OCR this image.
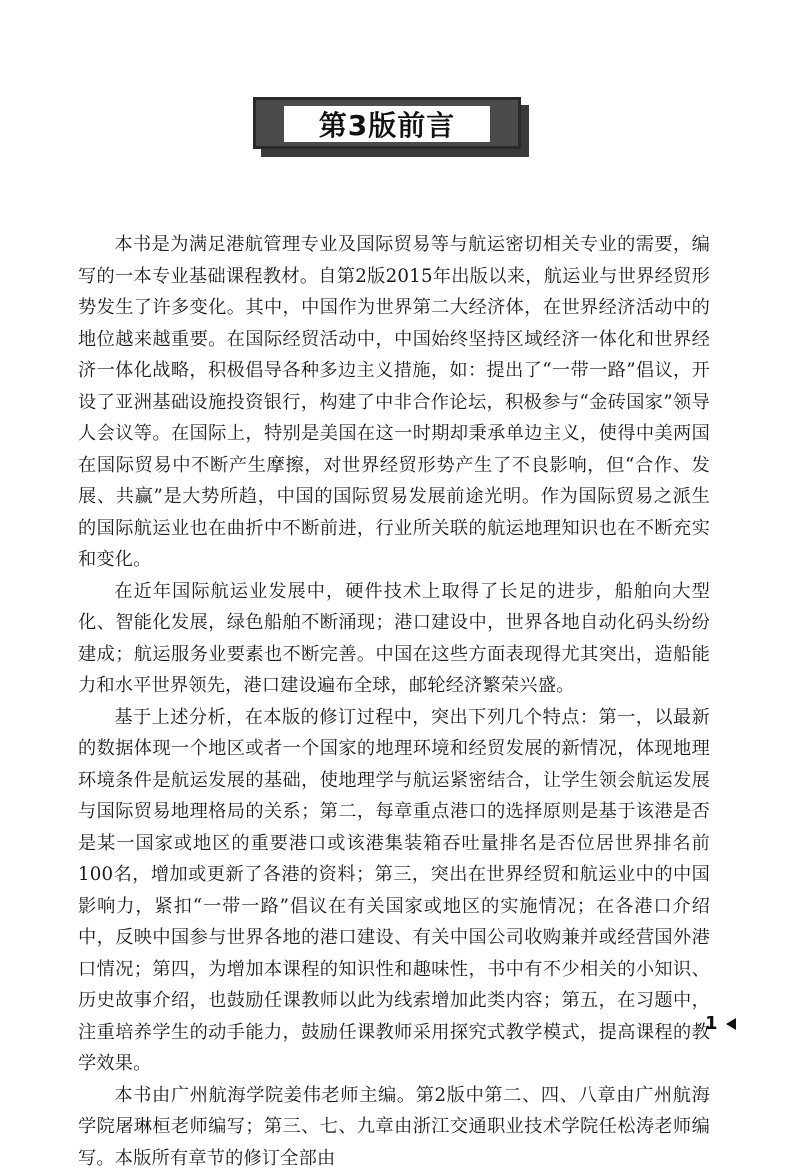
第3版前言

本书是为满足港航管理专业及国际贸易等与航运密切相关专业的需要，编写的一本专业基础课程教材。自第2版2015年出版以来，航运业与世界经贸形势发生了许多变化。其中，中国作为世界第二大经济体，在世界经济活动中的地位越来越重要。在国际经贸活动中，中国始终坚持区域经济一体化和世界经济一体化战略，积极倡导各种多边主义措施，如：提出了“一带一路”倡议，开设了亚洲基础设施投资银行，构建了中非合作论坛，积极参与“金砖国家”领导人会议等。在国际上，特别是美国在这一时期却秉承单边主义，使得中美两国在国际贸易中不断产生摩擦，对世界经贸形势产生了不良影响，但“合作、发展、共赢”是大势所趋，中国的国际贸易发展前途光明。作为国际贸易之派生的国际航运业也在曲折中不断前进，行业所关联的航运地理知识也在不断充实和变化。

在近年国际航运业发展中，硬件技术上取得了长足的进步，船舶向大型化、智能化发展，绿色船舶不断涌现；港口建设中，世界各地自动化码头纷纷建成；航运服务业要素也不断完善。中国在这些方面表现得尤其突出，造船能力和水平世界领先，港口建设遍布全球，邮轮经济繁荣兴盛。

基于上述分析，在本版的修订过程中，突出下列几个特点：第一，以最新的数据体现一个地区或者一个国家的地理环境和经贸发展的新情况，体现地理环境条件是航运发展的基础，使地理学与航运紧密结合，让学生领会航运发展与国际贸易地理格局的关系；第二，每章重点港口的选择原则是基于该港是否是某一国家或地区的重要港口或该港集装箱吞吐量排名是否位居世界排名前100名，增加或更新了各港的资料；第三，突出在世界经贸和航运业中的中国影响力，紧扣“一带一路”倡议在有关国家或地区的实施情况；在各港口介绍中，反映中国参与世界各地的港口建设、有关中国公司收购兼并或经营国外港口情况；第四，为增加本课程的知识性和趣味性，书中有不少相关的小知识、历史故事介绍，也鼓励任课教师以此为线索增加此类内容；第五，在习题中，注重培养学生的动手能力，鼓励任课教师采用探究式教学模式，提高课程的教学效果。

本书由广州航海学院姜伟老师主编。第2版中第二、四、八章由广州航海学院屠琳桓老师编写；第三、七、九章由浙江交通职业技术学院任松涛老师编写。本版所有章节的修订全部由

1
